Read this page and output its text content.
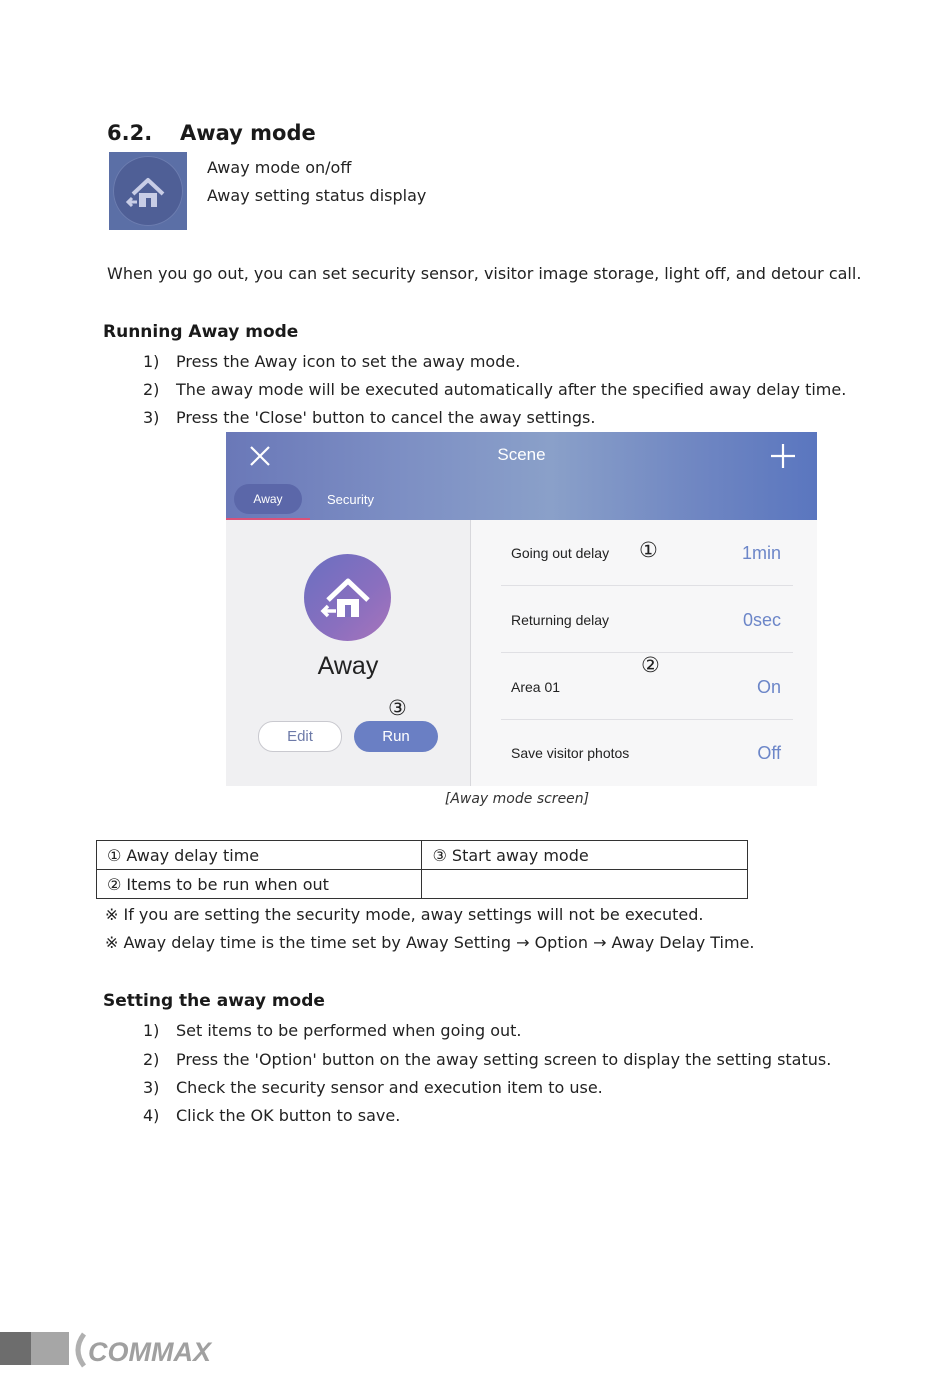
6.2. Away mode
Away mode on/off
Away setting status display
When you go out, you can set security sensor, visitor image storage, light off, and detour call.
Running Away mode
1) Press the Away icon to set the away mode.
2) The away mode will be executed automatically after the specified away delay time.
3) Press the 'Close' button to cancel the away settings.
Scene
Away	Security
Away
Edit	Run
③
Going out delay	1min
Returning delay	0sec
Area 01	On
Save visitor photos	Off
①
②
[Away mode screen]
① Away delay time	③ Start away mode
② Items to be run when out	
※ If you are setting the security mode, away settings will not be executed.
※ Away delay time is the time set by Away Setting → Option → Away Delay Time.
Setting the away mode
1) Set items to be performed when going out.
2) Press the 'Option' button on the away setting screen to display the setting status.
3) Check the security sensor and execution item to use.
4) Click the OK button to save.
COMMAX
